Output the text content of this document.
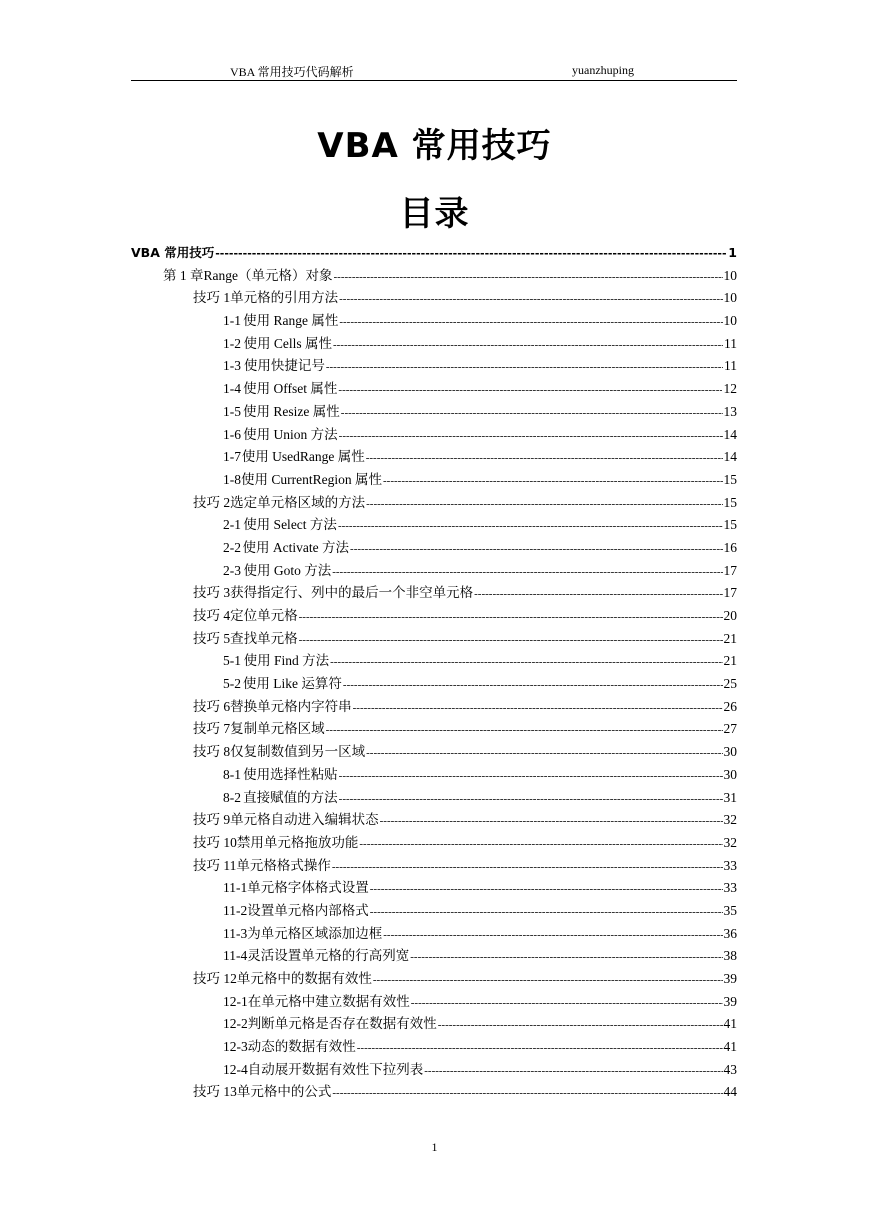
VBA 常用技巧代码解析	yuanzhuping
VBA 常用技巧
目录
VBA 常用技巧 -----	1
第 1 章 Range（单元格）对象 -----	10
技巧 1 单元格的引用方法 -----	10
1-1 使用 Range 属性 -----	10
1-2 使用 Cells 属性 -----	11
1-3 使用快捷记号 -----	11
1-4 使用 Offset 属性 -----	12
1-5 使用 Resize 属性 -----	13
1-6 使用 Union 方法 -----	14
1-7 使用 UsedRange 属性 -----	14
1-8 使用 CurrentRegion 属性 -----	15
技巧 2 选定单元格区域的方法 -----	15
2-1 使用 Select 方法 -----	15
2-2 使用 Activate 方法 -----	16
2-3 使用 Goto 方法 -----	17
技巧 3 获得指定行、列中的最后一个非空单元格 -----	17
技巧 4 定位单元格 -----	20
技巧 5 查找单元格 -----	21
5-1 使用 Find 方法 -----	21
5-2 使用 Like 运算符 -----	25
技巧 6 替换单元格内字符串 -----	26
技巧 7 复制单元格区域 -----	27
技巧 8 仅复制数值到另一区域 -----	30
8-1 使用选择性粘贴 -----	30
8-2 直接赋值的方法 -----	31
技巧 9 单元格自动进入编辑状态 -----	32
技巧 10 禁用单元格拖放功能 -----	32
技巧 11 单元格格式操作 -----	33
11-1 单元格字体格式设置 -----	33
11-2 设置单元格内部格式 -----	35
11-3 为单元格区域添加边框 -----	36
11-4 灵活设置单元格的行高列宽 -----	38
技巧 12 单元格中的数据有效性 -----	39
12-1 在单元格中建立数据有效性 -----	39
12-2 判断单元格是否存在数据有效性 -----	41
12-3 动态的数据有效性 -----	41
12-4 自动展开数据有效性下拉列表 -----	43
技巧 13 单元格中的公式 -----	44
1
